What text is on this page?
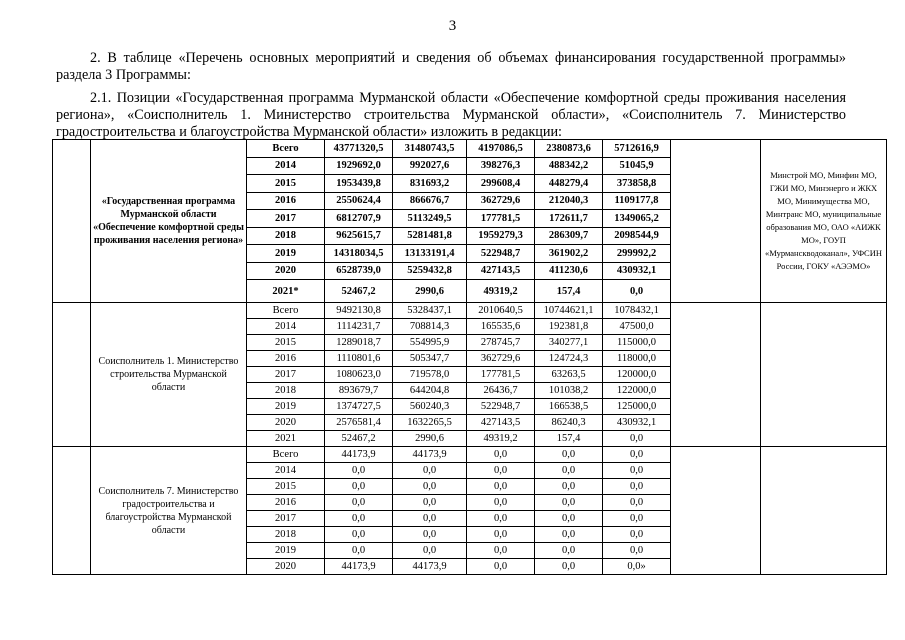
3
2. В таблице «Перечень основных мероприятий и сведения об объемах финансирования государственной программы» раздела 3 Программы:
2.1. Позиции «Государственная программа Мурманской области «Обеспечение комфортной среды проживания населения региона», «Соисполнитель 1. Министерство строительства Мурманской области», «Соисполнитель 7. Министерство градостроительства и благоустройства Мурманской области» изложить в редакции:
	«Государственная программа Мурманской области «Обеспечение комфортной среды проживания населения региона»	Всего	43771320,5	31480743,5	4197086,5	2380873,6	5712616,9		Минстрой МО, Минфин МО, ГЖИ МО, Минэнерго и ЖКХ МО, Минимущества МО, Минтранс МО, муниципальные образования МО, ОАО «АИЖК МО», ГОУП «Мурманскводоканал», УФСИН России, ГОКУ «АЭЭМО»
		2014	1929692,0	992027,6	398276,3	488342,2	51045,9		
		2015	1953439,8	831693,2	299608,4	448279,4	373858,8		
		2016	2550624,4	866676,7	362729,6	212040,3	1109177,8		
		2017	6812707,9	5113249,5	177781,5	172611,7	1349065,2		
		2018	9625615,7	5281481,8	1959279,3	286309,7	2098544,9		
		2019	14318034,5	13133191,4	522948,7	361902,2	299992,2		
		2020	6528739,0	5259432,8	427143,5	411230,6	430932,1		
		2021*	52467,2	2990,6	49319,2	157,4	0,0		
	Соисполнитель 1. Министерство строительства Мурманской области	Всего	9492130,8	5328437,1	2010640,5	10744621,1	1078432,1		
		2014	1114231,7	708814,3	165535,6	192381,8	47500,0		
		2015	1289018,7	554995,9	278745,7	340277,1	115000,0		
		2016	1110801,6	505347,7	362729,6	124724,3	118000,0		
		2017	1080623,0	719578,0	177781,5	63263,5	120000,0		
		2018	893679,7	644204,8	26436,7	101038,2	122000,0		
		2019	1374727,5	560240,3	522948,7	166538,5	125000,0		
		2020	2576581,4	1632265,5	427143,5	86240,3	430932,1		
		2021	52467,2	2990,6	49319,2	157,4	0,0		
	Соисполнитель 7. Министерство градостроительства и благоустройства Мурманской области	Всего	44173,9	44173,9	0,0	0,0	0,0		
		2014	0,0	0,0	0,0	0,0	0,0		
		2015	0,0	0,0	0,0	0,0	0,0		
		2016	0,0	0,0	0,0	0,0	0,0		
		2017	0,0	0,0	0,0	0,0	0,0		
		2018	0,0	0,0	0,0	0,0	0,0		
		2019	0,0	0,0	0,0	0,0	0,0		
		2020	44173,9	44173,9	0,0	0,0	0,0»		
